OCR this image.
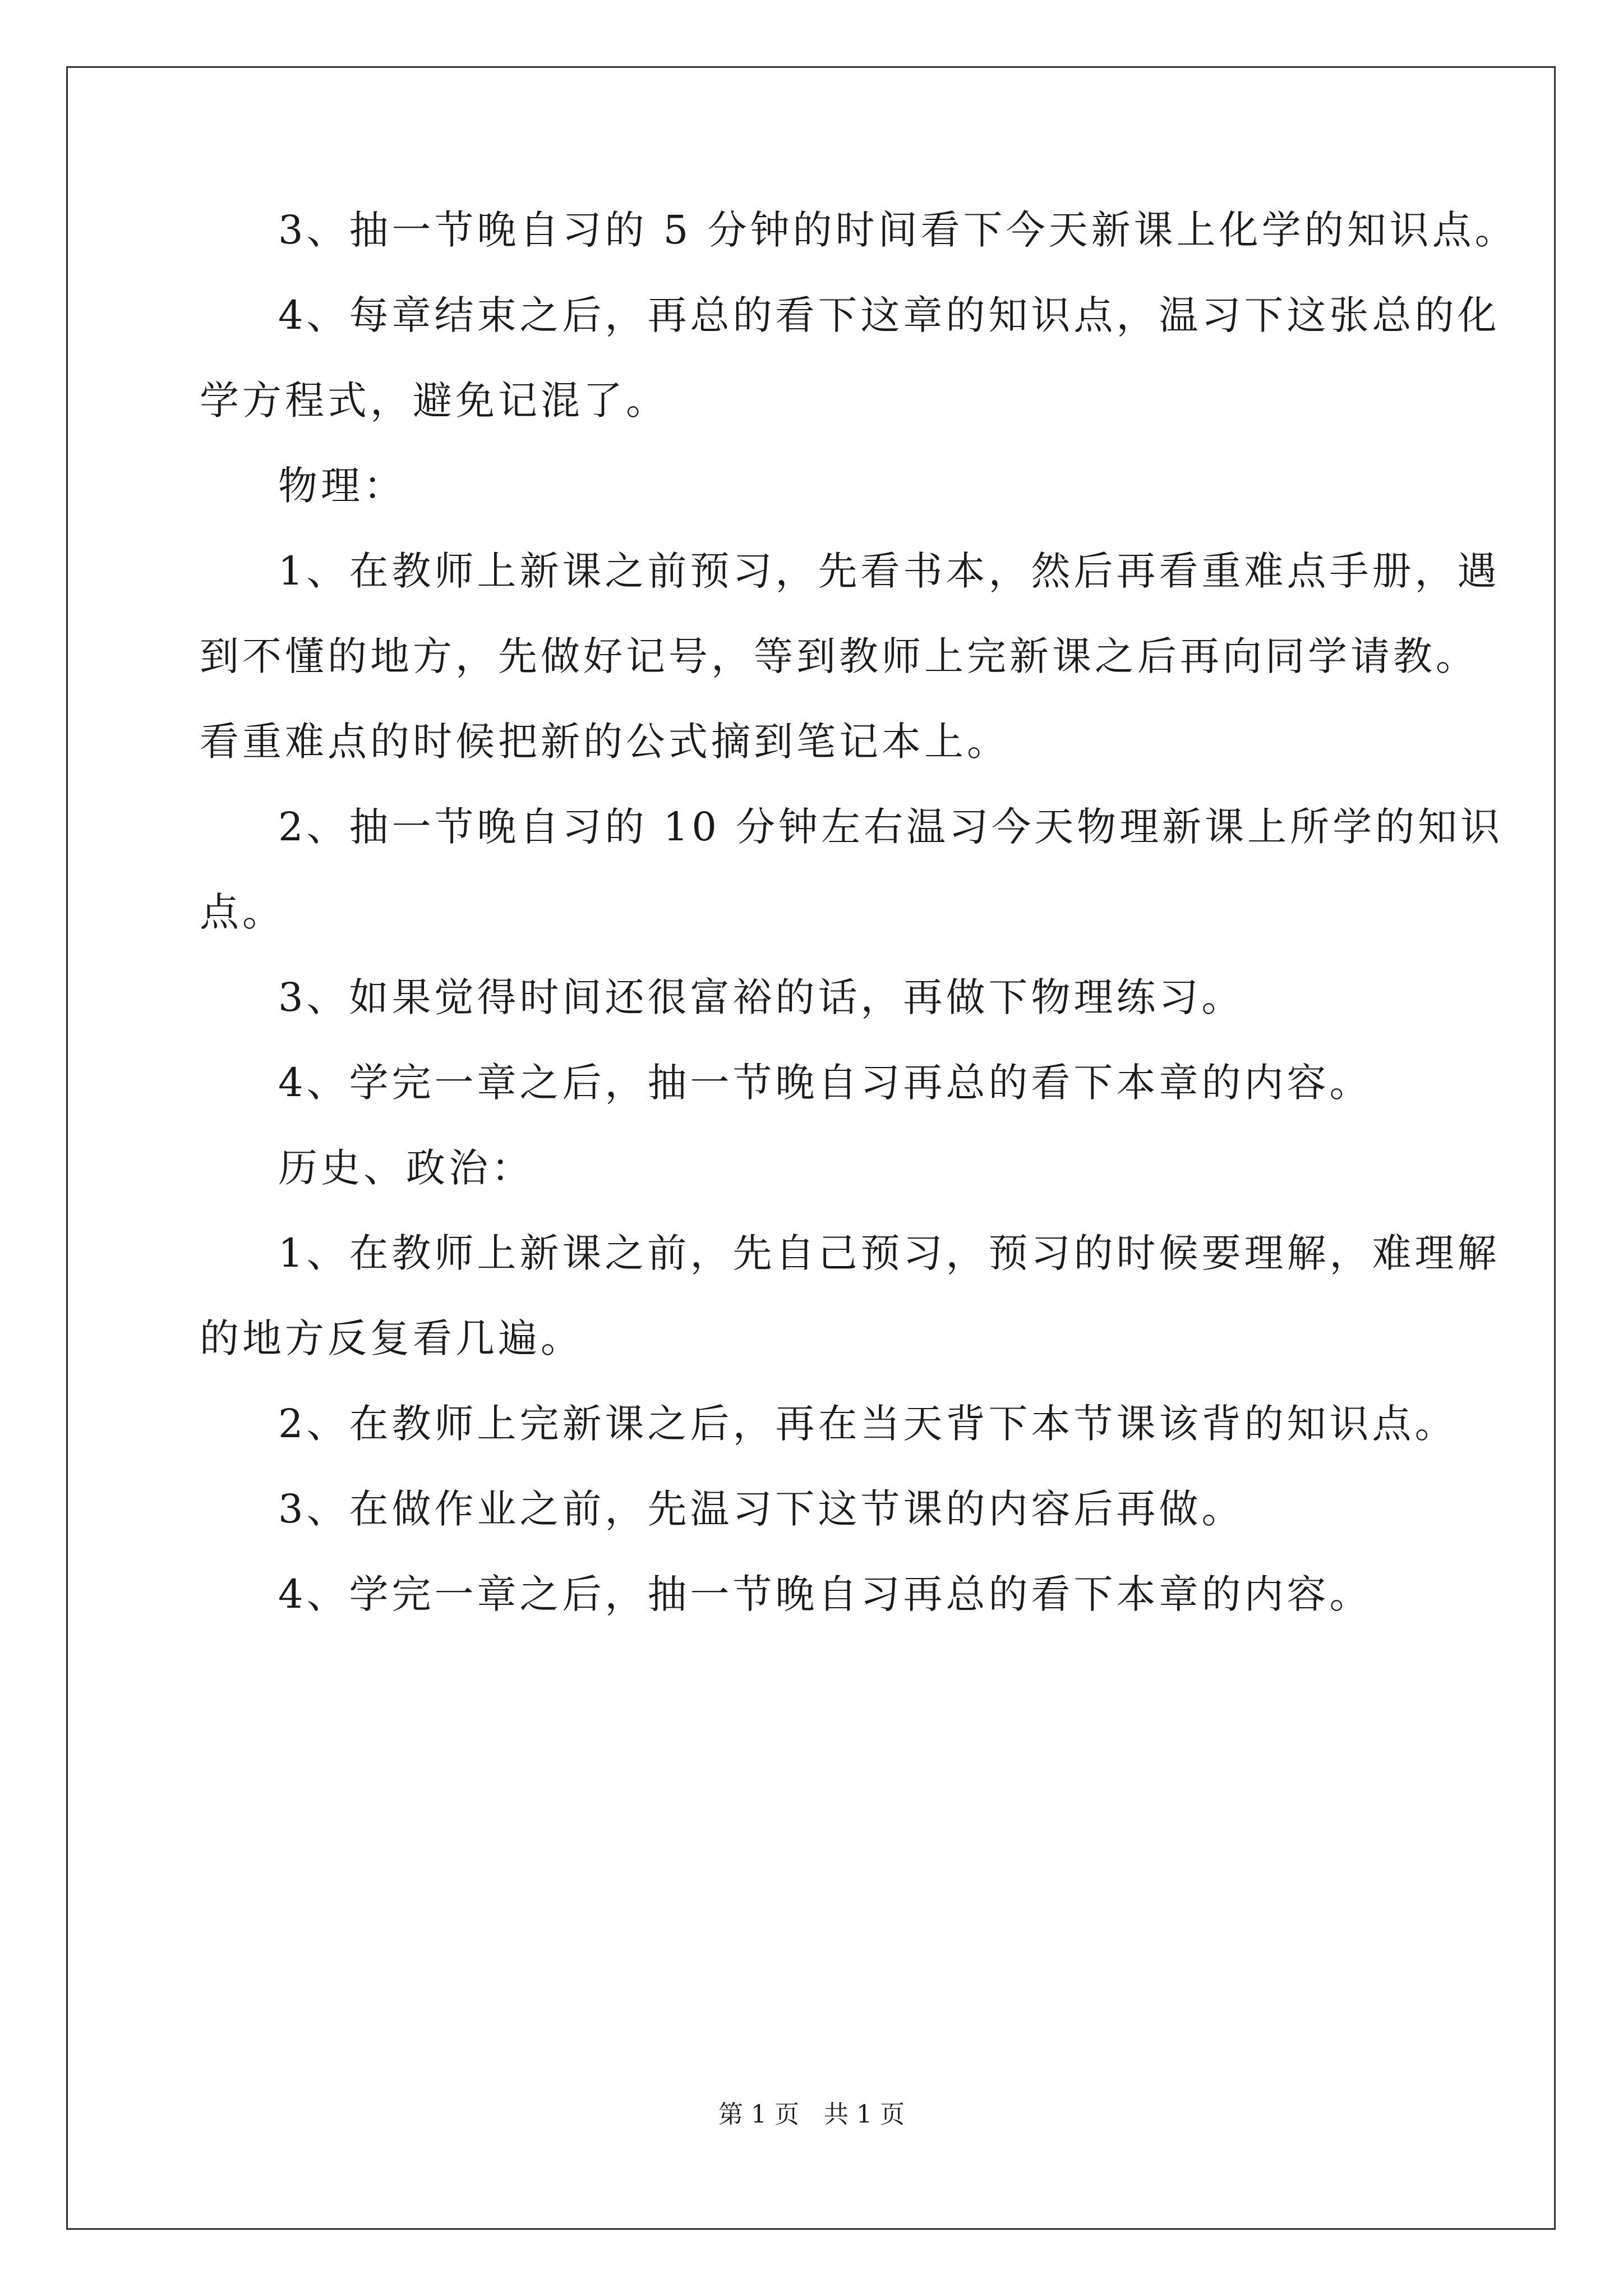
3、抽一节晚自习的 5 分钟的时间看下今天新课上化学的知识点。
4、每章结束之后，再总的看下这章的知识点，温习下这张总的化
学方程式，避免记混了。
物理：
1、在教师上新课之前预习，先看书本，然后再看重难点手册，遇
到不懂的地方，先做好记号，等到教师上完新课之后再向同学请教。
看重难点的时候把新的公式摘到笔记本上。
2、抽一节晚自习的 10 分钟左右温习今天物理新课上所学的知识
点。
3、如果觉得时间还很富裕的话，再做下物理练习。
4、学完一章之后，抽一节晚自习再总的看下本章的内容。
历史、政治：
1、在教师上新课之前，先自己预习，预习的时候要理解，难理解
的地方反复看几遍。
2、在教师上完新课之后，再在当天背下本节课该背的知识点。
3、在做作业之前，先温习下这节课的内容后再做。
4、学完一章之后，抽一节晚自习再总的看下本章的内容。
第 1 页　共 1 页
